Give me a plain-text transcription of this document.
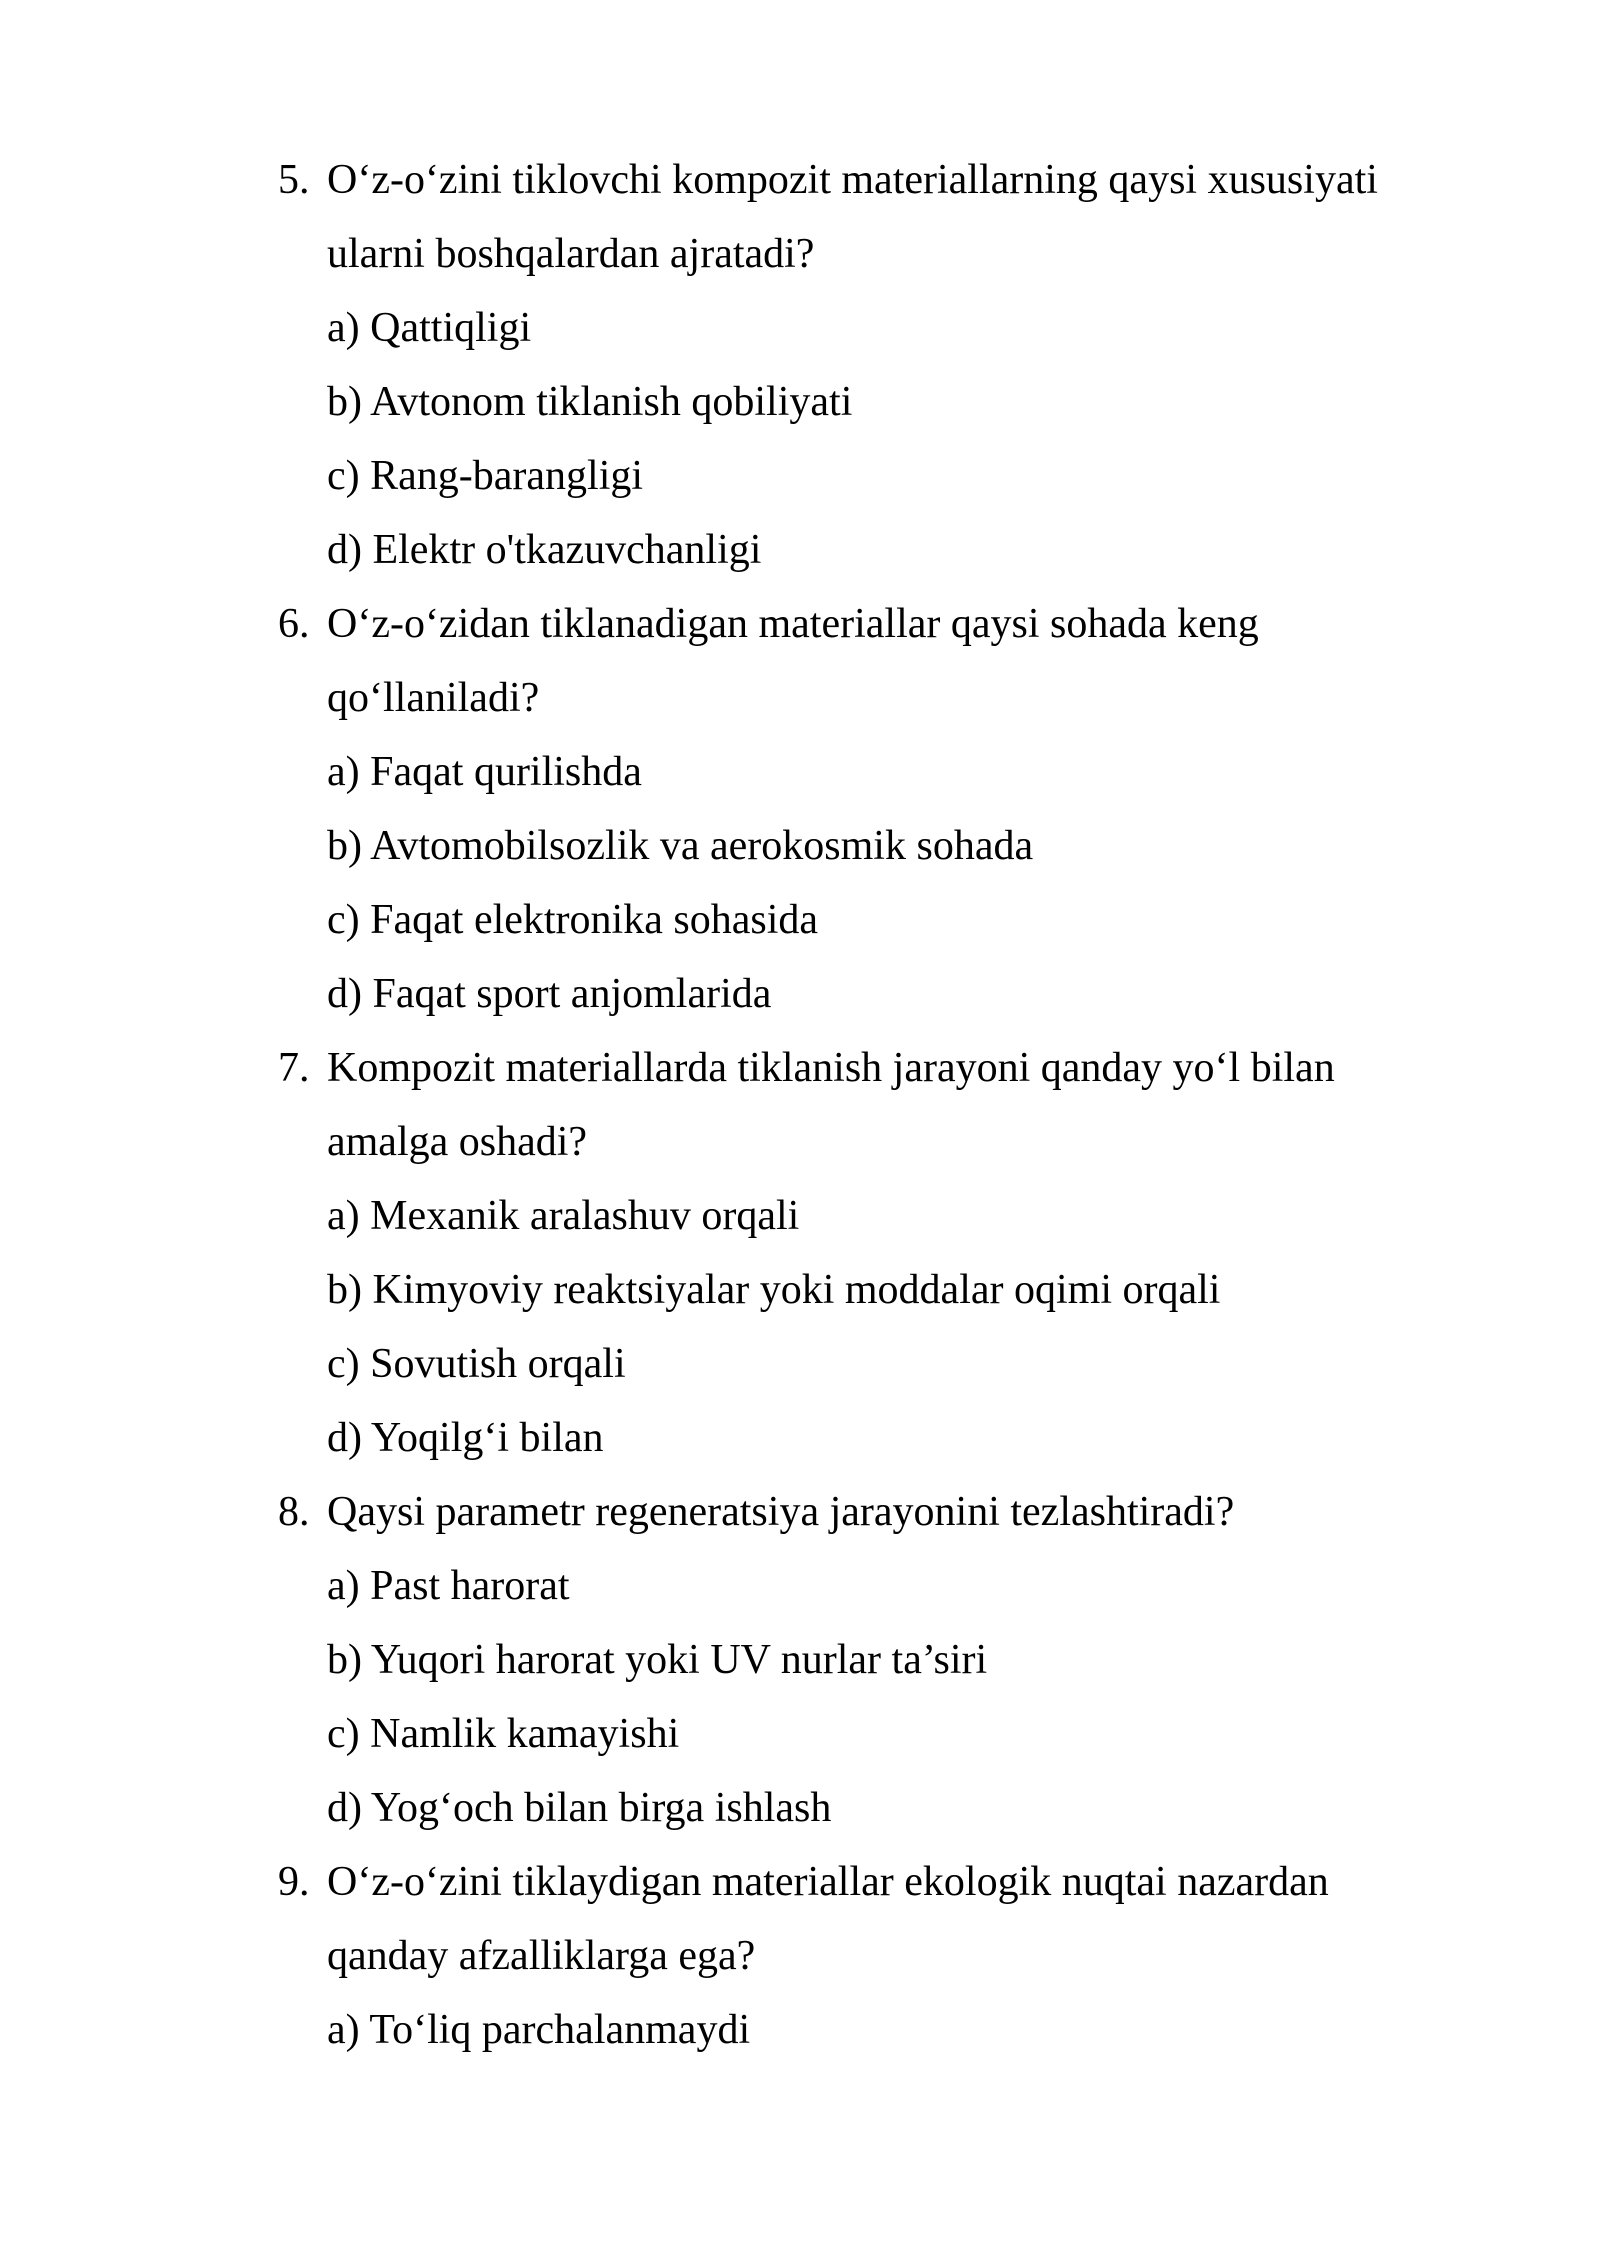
5. O‘z-o‘zini tiklovchi kompozit materiallarning qaysi xususiyati
ularni boshqalardan ajratadi?
a) Qattiqligi
b) Avtonom tiklanish qobiliyati
c) Rang-barangligi
d) Elektr o'tkazuvchanligi
6. O‘z-o‘zidan tiklanadigan materiallar qaysi sohada keng
qo‘llaniladi?
a) Faqat qurilishda
b) Avtomobilsozlik va aerokosmik sohada
c) Faqat elektronika sohasida
d) Faqat sport anjomlarida
7. Kompozit materiallarda tiklanish jarayoni qanday yo‘l bilan
amalga oshadi?
a) Mexanik aralashuv orqali
b) Kimyoviy reaktsiyalar yoki moddalar oqimi orqali
c) Sovutish orqali
d) Yoqilg‘i bilan
8. Qaysi parametr regeneratsiya jarayonini tezlashtiradi?
a) Past harorat
b) Yuqori harorat yoki UV nurlar ta’siri
c) Namlik kamayishi
d) Yog‘och bilan birga ishlash
9. O‘z-o‘zini tiklaydigan materiallar ekologik nuqtai nazardan
qanday afzalliklarga ega?
a) To‘liq parchalanmaydi
